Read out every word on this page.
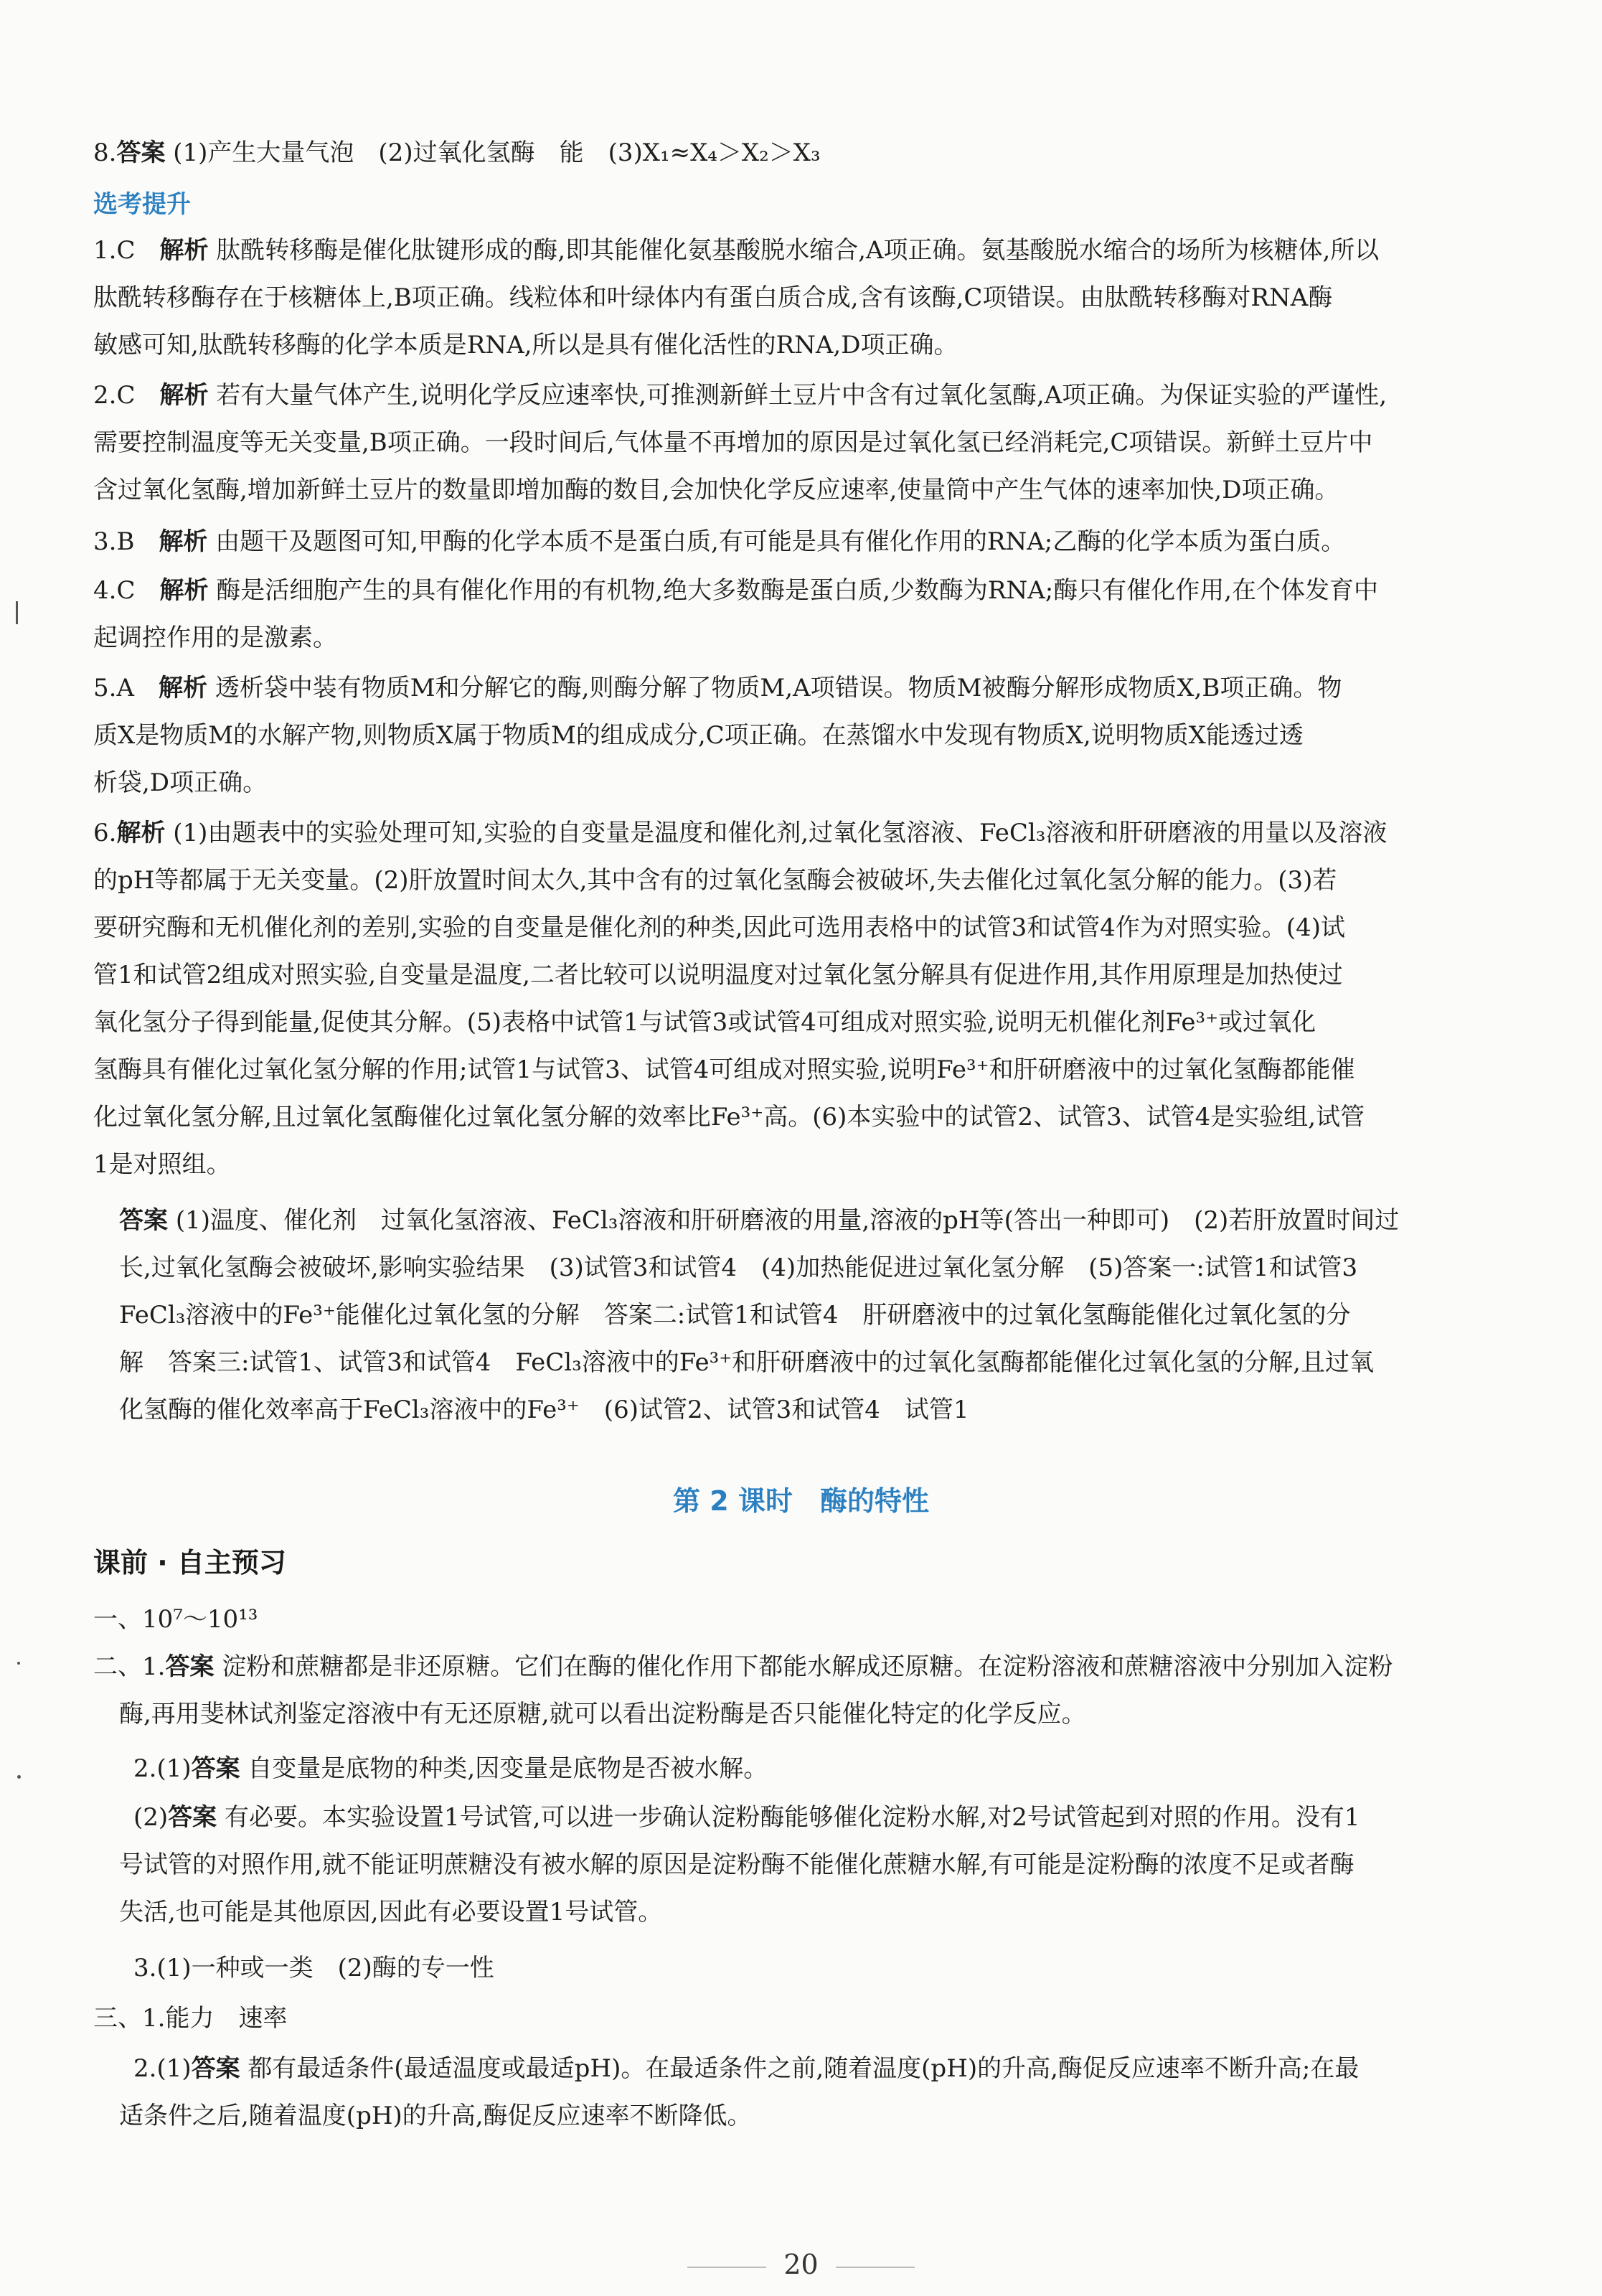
8.答案 (1)产生大量气泡　(2)过氧化氢酶　能　(3)X₁≈X₄＞X₂＞X₃
选考提升
1.C　 解析 肽酰转移酶是催化肽键形成的酶,即其能催化氨基酸脱水缩合,A项正确。氨基酸脱水缩合的场所为核糖体,所以
肽酰转移酶存在于核糖体上,B项正确。线粒体和叶绿体内有蛋白质合成,含有该酶,C项错误。由肽酰转移酶对RNA酶
敏感可知,肽酰转移酶的化学本质是RNA,所以是具有催化活性的RNA,D项正确。
2.C　 解析 若有大量气体产生,说明化学反应速率快,可推测新鲜土豆片中含有过氧化氢酶,A项正确。为保证实验的严谨性,
需要控制温度等无关变量,B项正确。一段时间后,气体量不再增加的原因是过氧化氢已经消耗完,C项错误。新鲜土豆片中
含过氧化氢酶,增加新鲜土豆片的数量即增加酶的数目,会加快化学反应速率,使量筒中产生气体的速率加快,D项正确。
3.B　 解析 由题干及题图可知,甲酶的化学本质不是蛋白质,有可能是具有催化作用的RNA;乙酶的化学本质为蛋白质。
4.C　 解析 酶是活细胞产生的具有催化作用的有机物,绝大多数酶是蛋白质,少数酶为RNA;酶只有催化作用,在个体发育中
起调控作用的是激素。
5.A　 解析 透析袋中装有物质M和分解它的酶,则酶分解了物质M,A项错误。物质M被酶分解形成物质X,B项正确。物
质X是物质M的水解产物,则物质X属于物质M的组成成分,C项正确。在蒸馏水中发现有物质X,说明物质X能透过透
析袋,D项正确。
6.解析 (1)由题表中的实验处理可知,实验的自变量是温度和催化剂,过氧化氢溶液、FeCl₃溶液和肝研磨液的用量以及溶液
的pH等都属于无关变量。(2)肝放置时间太久,其中含有的过氧化氢酶会被破坏,失去催化过氧化氢分解的能力。(3)若
要研究酶和无机催化剂的差别,实验的自变量是催化剂的种类,因此可选用表格中的试管3和试管4作为对照实验。(4)试
管1和试管2组成对照实验,自变量是温度,二者比较可以说明温度对过氧化氢分解具有促进作用,其作用原理是加热使过
氧化氢分子得到能量,促使其分解。(5)表格中试管1与试管3或试管4可组成对照实验,说明无机催化剂Fe³⁺或过氧化
氢酶具有催化过氧化氢分解的作用;试管1与试管3、试管4可组成对照实验,说明Fe³⁺和肝研磨液中的过氧化氢酶都能催
化过氧化氢分解,且过氧化氢酶催化过氧化氢分解的效率比Fe³⁺高。(6)本实验中的试管2、试管3、试管4是实验组,试管
1是对照组。
答案 (1)温度、催化剂　过氧化氢溶液、FeCl₃溶液和肝研磨液的用量,溶液的pH等(答出一种即可)　(2)若肝放置时间过
长,过氧化氢酶会被破坏,影响实验结果　(3)试管3和试管4　(4)加热能促进过氧化氢分解　(5)答案一:试管1和试管3
FeCl₃溶液中的Fe³⁺能催化过氧化氢的分解　答案二:试管1和试管4　肝研磨液中的过氧化氢酶能催化过氧化氢的分
解　答案三:试管1、试管3和试管4　FeCl₃溶液中的Fe³⁺和肝研磨液中的过氧化氢酶都能催化过氧化氢的分解,且过氧
化氢酶的催化效率高于FeCl₃溶液中的Fe³⁺　(6)试管2、试管3和试管4　试管1
第 2 课时　酶的特性
课前 · 自主预习
一、10⁷～10¹³
二、1.答案 淀粉和蔗糖都是非还原糖。它们在酶的催化作用下都能水解成还原糖。在淀粉溶液和蔗糖溶液中分别加入淀粉
酶,再用斐林试剂鉴定溶液中有无还原糖,就可以看出淀粉酶是否只能催化特定的化学反应。
2.(1)答案 自变量是底物的种类,因变量是底物是否被水解。
(2)答案 有必要。本实验设置1号试管,可以进一步确认淀粉酶能够催化淀粉水解,对2号试管起到对照的作用。没有1
号试管的对照作用,就不能证明蔗糖没有被水解的原因是淀粉酶不能催化蔗糖水解,有可能是淀粉酶的浓度不足或者酶
失活,也可能是其他原因,因此有必要设置1号试管。
3.(1)一种或一类　(2)酶的专一性
三、1.能力　速率
2.(1)答案 都有最适条件(最适温度或最适pH)。在最适条件之前,随着温度(pH)的升高,酶促反应速率不断升高;在最
适条件之后,随着温度(pH)的升高,酶促反应速率不断降低。
20
